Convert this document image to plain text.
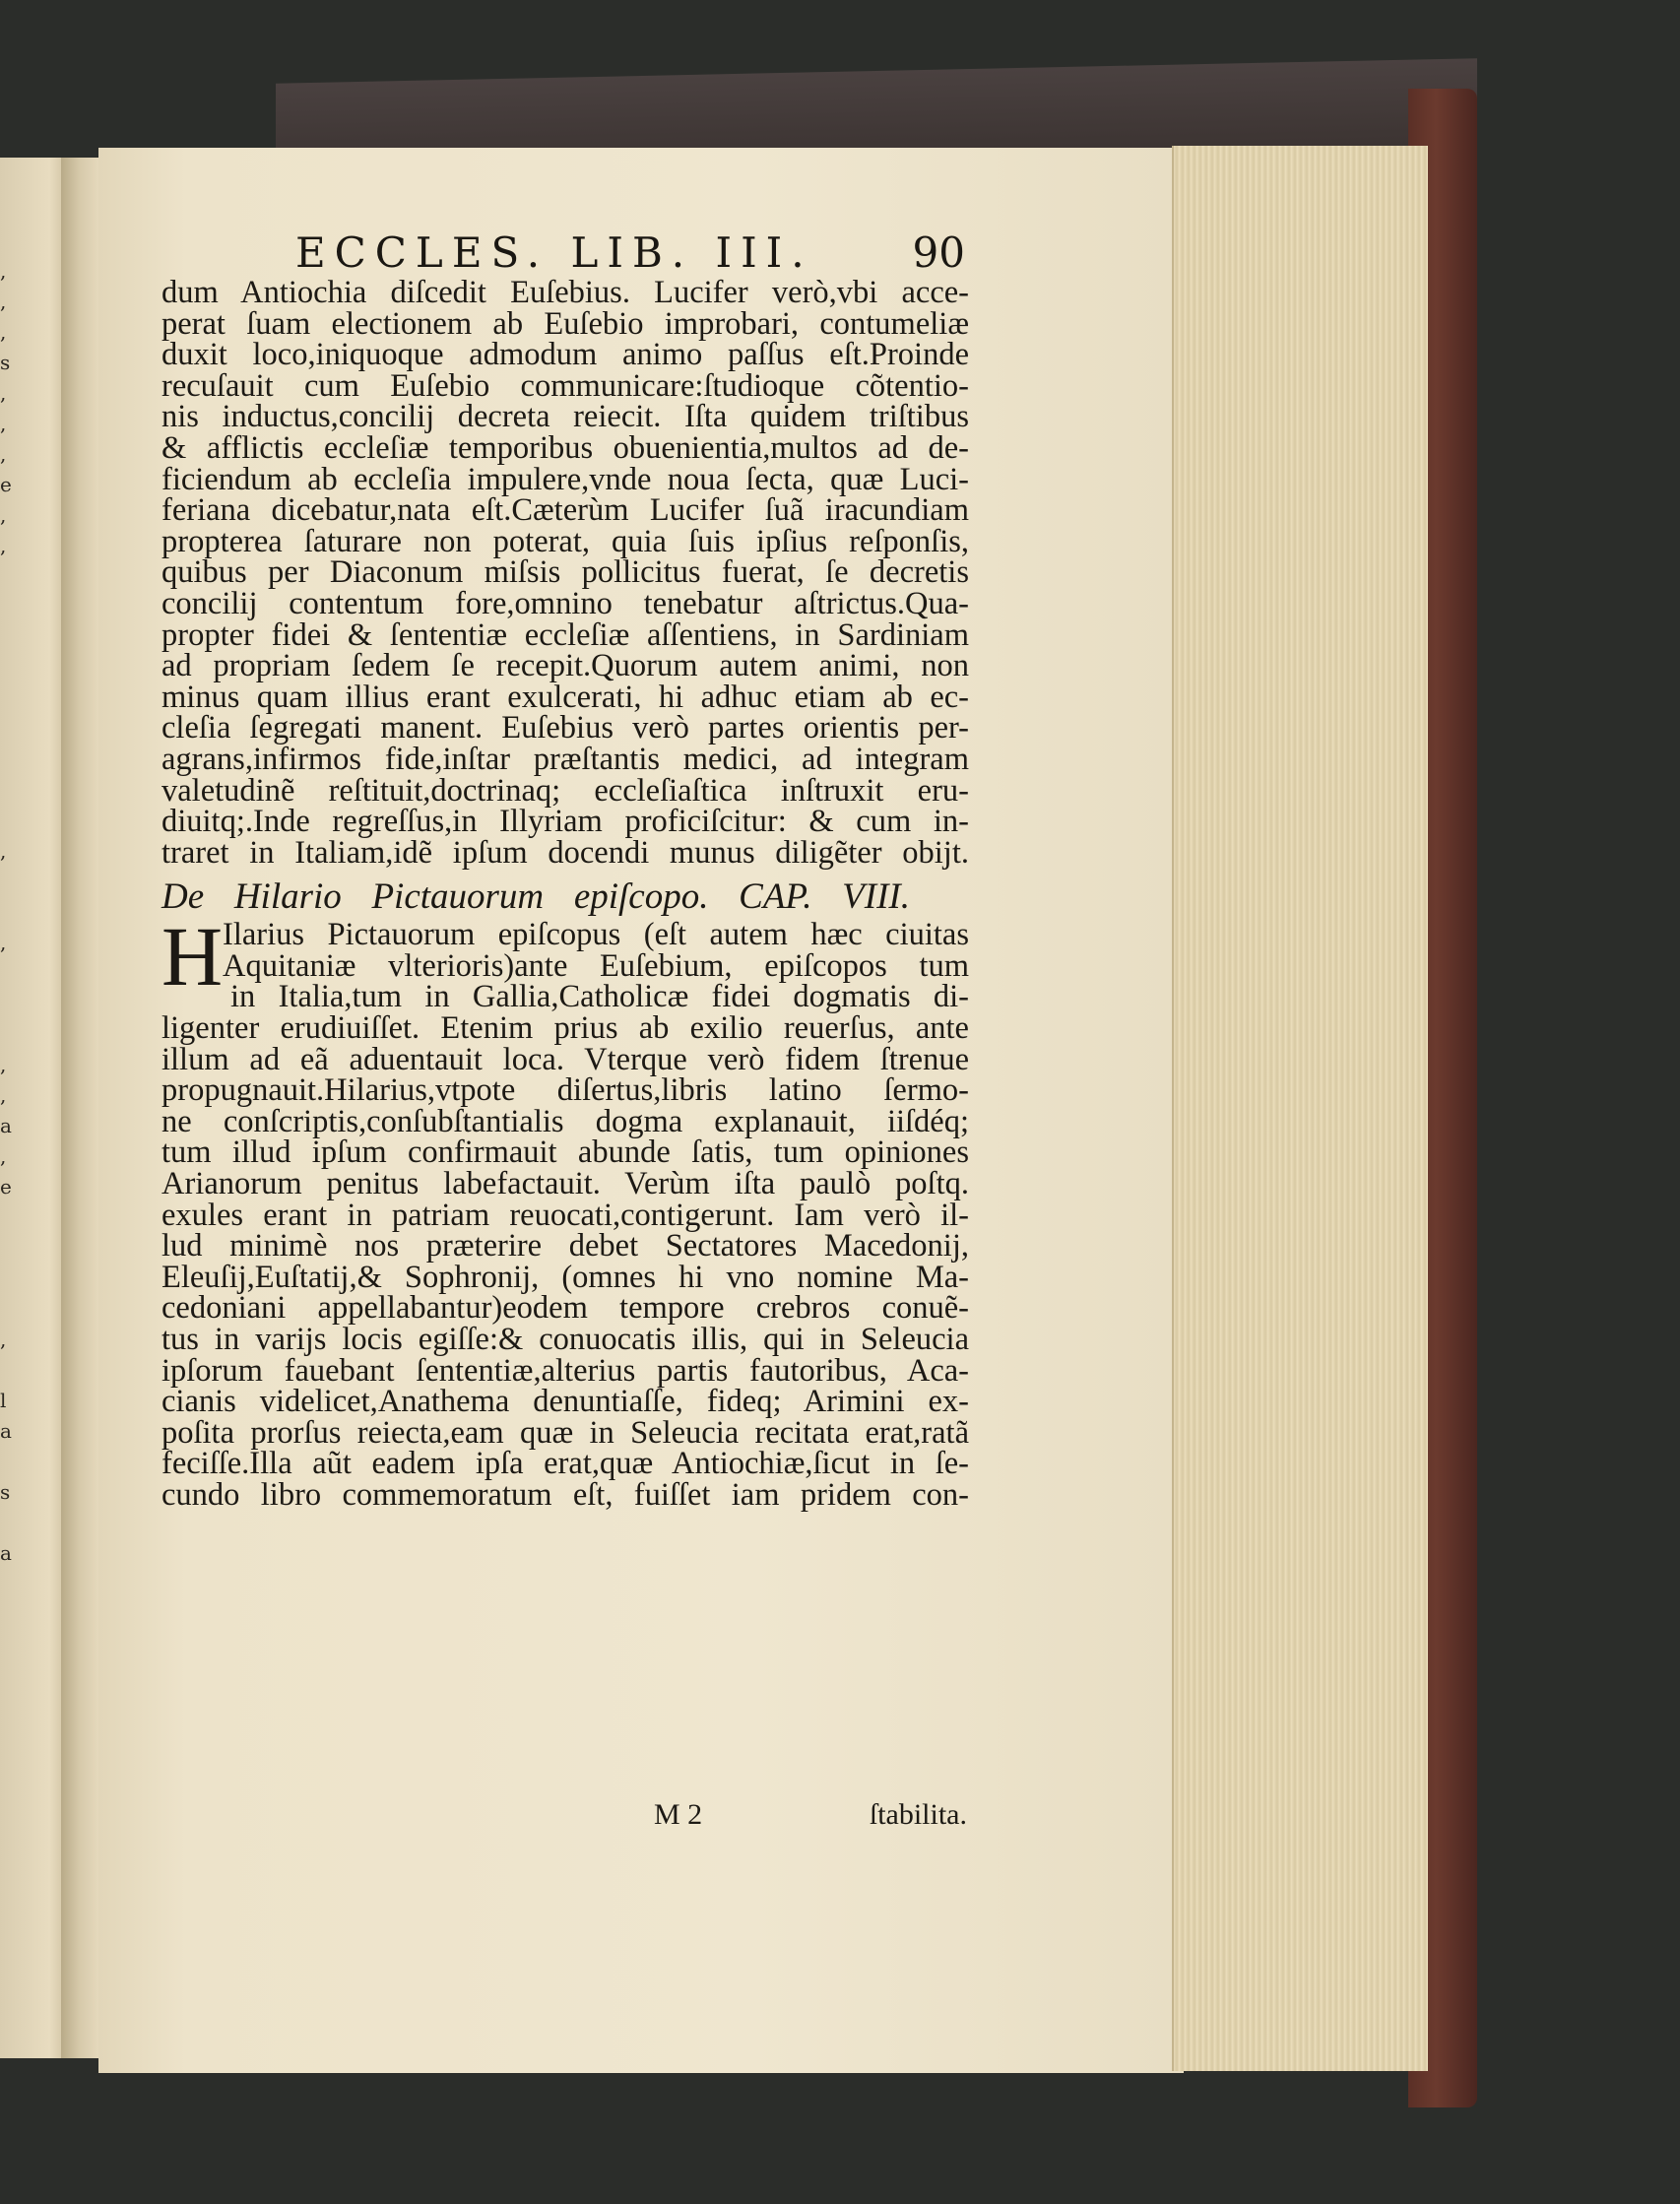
,
,
,
s
,
,
,
e
,
,
,
,
,
,
a
,
e
,
l
a
s
a
ECCLES. LIB. III. 90
dum Antiochia diſcedit Euſebius. Lucifer verò,vbi acce-
perat ſuam electionem ab Euſebio improbari, contumeliæ
duxit loco,iniquoque admodum animo paſſus eſt.Proinde
recuſauit cum Euſebio communicare:ſtudioque cõtentio-
nis inductus,concilij decreta reiecit. Iſta quidem triſtibus
& afflictis eccleſiæ temporibus obuenientia,multos ad de-
ficiendum ab eccleſia impulere,vnde noua ſecta, quæ Luci-
feriana dicebatur,nata eſt.Cæterùm Lucifer ſuã iracundiam
propterea ſaturare non poterat, quia ſuis ipſius reſponſis,
quibus per Diaconum miſsis pollicitus fuerat, ſe decretis
concilij contentum fore,omnino tenebatur aſtrictus.Qua-
propter fidei & ſententiæ eccleſiæ aſſentiens, in Sardiniam
ad propriam ſedem ſe recepit.Quorum autem animi, non
minus quam illius erant exulcerati, hi adhuc etiam ab ec-
cleſia ſegregati manent. Euſebius verò partes orientis per-
agrans,infirmos fide,inſtar præſtantis medici, ad integram
valetudinẽ reſtituit,doctrinaq; eccleſiaſtica inſtruxit eru-
diuitq;.Inde regreſſus,in Illyriam proficiſcitur: & cum in-
traret in Italiam,idẽ ipſum docendi munus diligẽter obijt.
De Hilario Pictauorum epiſcopo. CAP. VIII.
H Ilarius Pictauorum epiſcopus (eſt autem hæc ciuitas
Aquitaniæ vlterioris)ante Euſebium, epiſcopos tum
in Italia,tum in Gallia,Catholicæ fidei dogmatis di-
ligenter erudiuiſſet. Etenim prius ab exilio reuerſus, ante
illum ad eã aduentauit loca. Vterque verò fidem ſtrenue
propugnauit.Hilarius,vtpote diſertus,libris latino ſermo-
ne conſcriptis,conſubſtantialis dogma explanauit, iiſdéq;
tum illud ipſum confirmauit abunde ſatis, tum opiniones
Arianorum penitus labefactauit. Verùm iſta paulò poſtq.
exules erant in patriam reuocati,contigerunt. Iam verò il-
lud minimè nos præterire debet Sectatores Macedonij,
Eleuſij,Euſtatij,& Sophronij, (omnes hi vno nomine Ma-
cedoniani appellabantur)eodem tempore crebros conuẽ-
tus in varijs locis egiſſe:& conuocatis illis, qui in Seleucia
ipſorum fauebant ſententiæ,alterius partis fautoribus, Aca-
cianis videlicet,Anathema denuntiaſſe, fideq; Arimini ex-
poſita prorſus reiecta,eam quæ in Seleucia recitata erat,ratã
feciſſe.Illa aũt eadem ipſa erat,quæ Antiochiæ,ſicut in ſe-
cundo libro commemoratum eſt, fuiſſet iam pridem con-
M 2	ſtabilita.
